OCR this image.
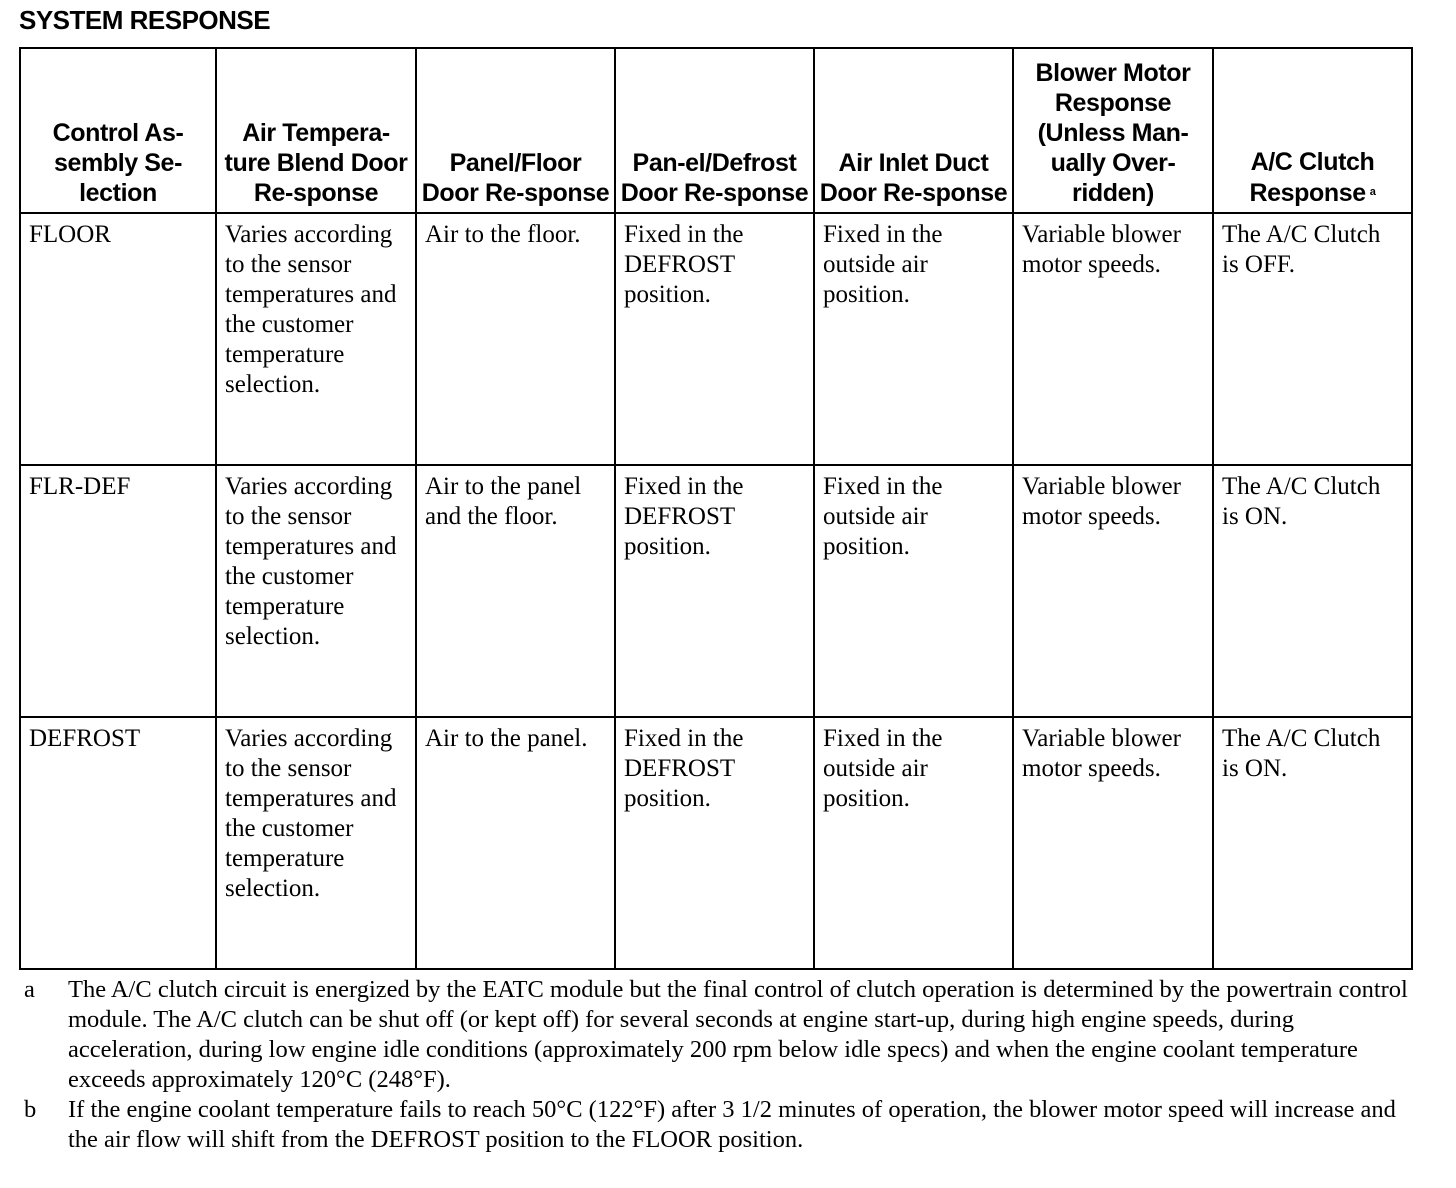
SYSTEM RESPONSE
Control As-sembly Se-lection	Air Tempera-ture Blend Door Re-sponse	Panel/Floor Door Re-sponse	Pan-el/Defrost Door Re-sponse	Air Inlet Duct Door Re-sponse	Blower Motor Response (Unless Man-ually Over-ridden)	A/C Clutch Response $^a$
FLOOR	Varies according to the sensor temperatures and the customer temperature selection.	Air to the floor.	Fixed in the DEFROST position.	Fixed in the outside air position.	Variable blower motor speeds.	The A/C Clutch is OFF.
FLR-DEF	Varies according to the sensor temperatures and the customer temperature selection.	Air to the panel and the floor.	Fixed in the DEFROST position.	Fixed in the outside air position.	Variable blower motor speeds.	The A/C Clutch is ON.
DEFROST	Varies according to the sensor temperatures and the customer temperature selection.	Air to the panel.	Fixed in the DEFROST position.	Fixed in the outside air position.	Variable blower motor speeds.	The A/C Clutch is ON.
a	The A/C clutch circuit is energized by the EATC module but the final control of clutch operation is determined by the powertrain control module. The A/C clutch can be shut off (or kept off) for several seconds at engine start-up, during high engine speeds, during acceleration, during low engine idle conditions (approximately 200 rpm below idle specs) and when the engine coolant temperature exceeds approximately 120°C (248°F).
b	If the engine coolant temperature fails to reach 50°C (122°F) after 3 1/2 minutes of operation, the blower motor speed will increase and the air flow will shift from the DEFROST position to the FLOOR position.
